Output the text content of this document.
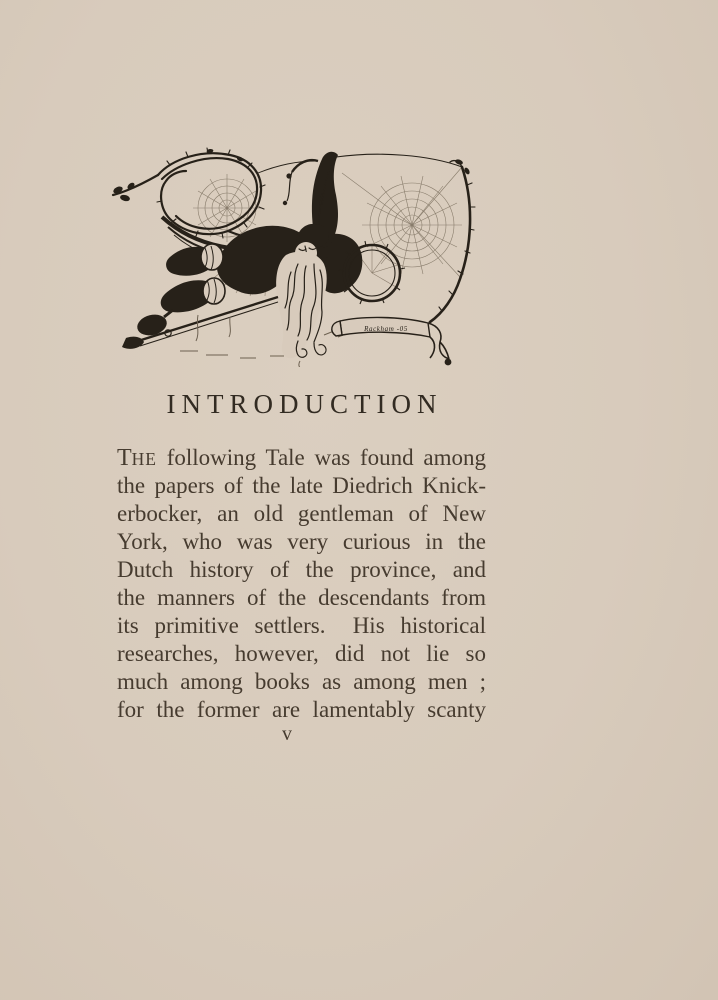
Rackham -05
INTRODUCTION
THE following Tale was found among
the papers of the late Diedrich Knick-
erbocker, an old gentleman of New
York, who was very curious in the
Dutch history of the province, and
the manners of the descendants from
its primitive settlers.  His historical
researches, however, did not lie so
much among books as among men ;
for the former are lamentably scanty
v
